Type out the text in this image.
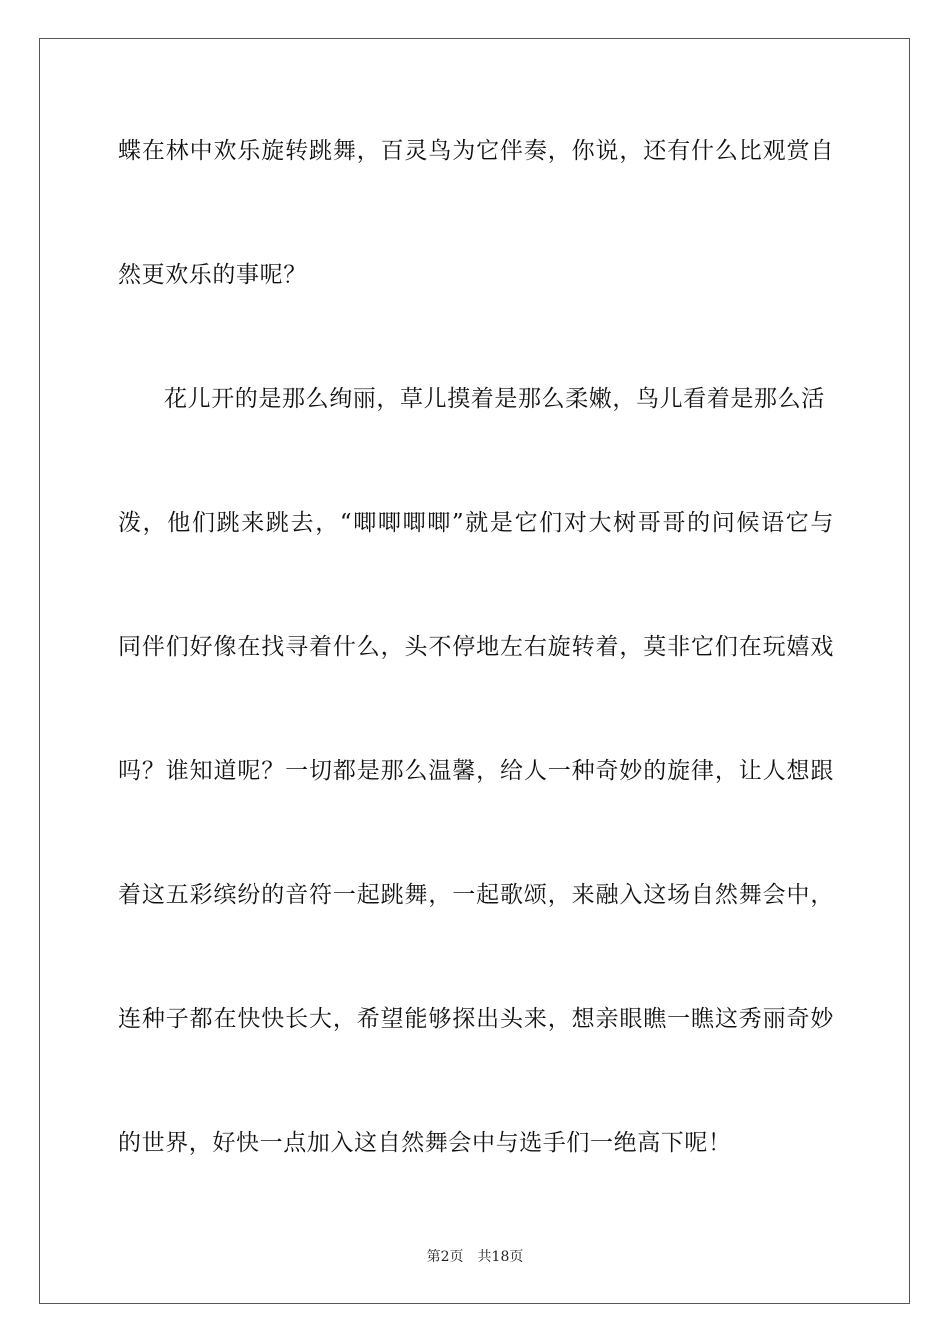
蝶在林中欢乐旋转跳舞，百灵鸟为它伴奏，你说，还有什么比观赏自
然更欢乐的事呢？
花儿开的是那么绚丽，草儿摸着是那么柔嫩，鸟儿看着是那么活
泼，他们跳来跳去，“唧唧唧唧”就是它们对大树哥哥的问候语它与
同伴们好像在找寻着什么，头不停地左右旋转着，莫非它们在玩嬉戏
吗？谁知道呢？一切都是那么温馨，给人一种奇妙的旋律，让人想跟
着这五彩缤纷的音符一起跳舞，一起歌颂，来融入这场自然舞会中，
连种子都在快快长大，希望能够探出头来，想亲眼瞧一瞧这秀丽奇妙
的世界，好快一点加入这自然舞会中与选手们一绝高下呢！
第2页 共18页
